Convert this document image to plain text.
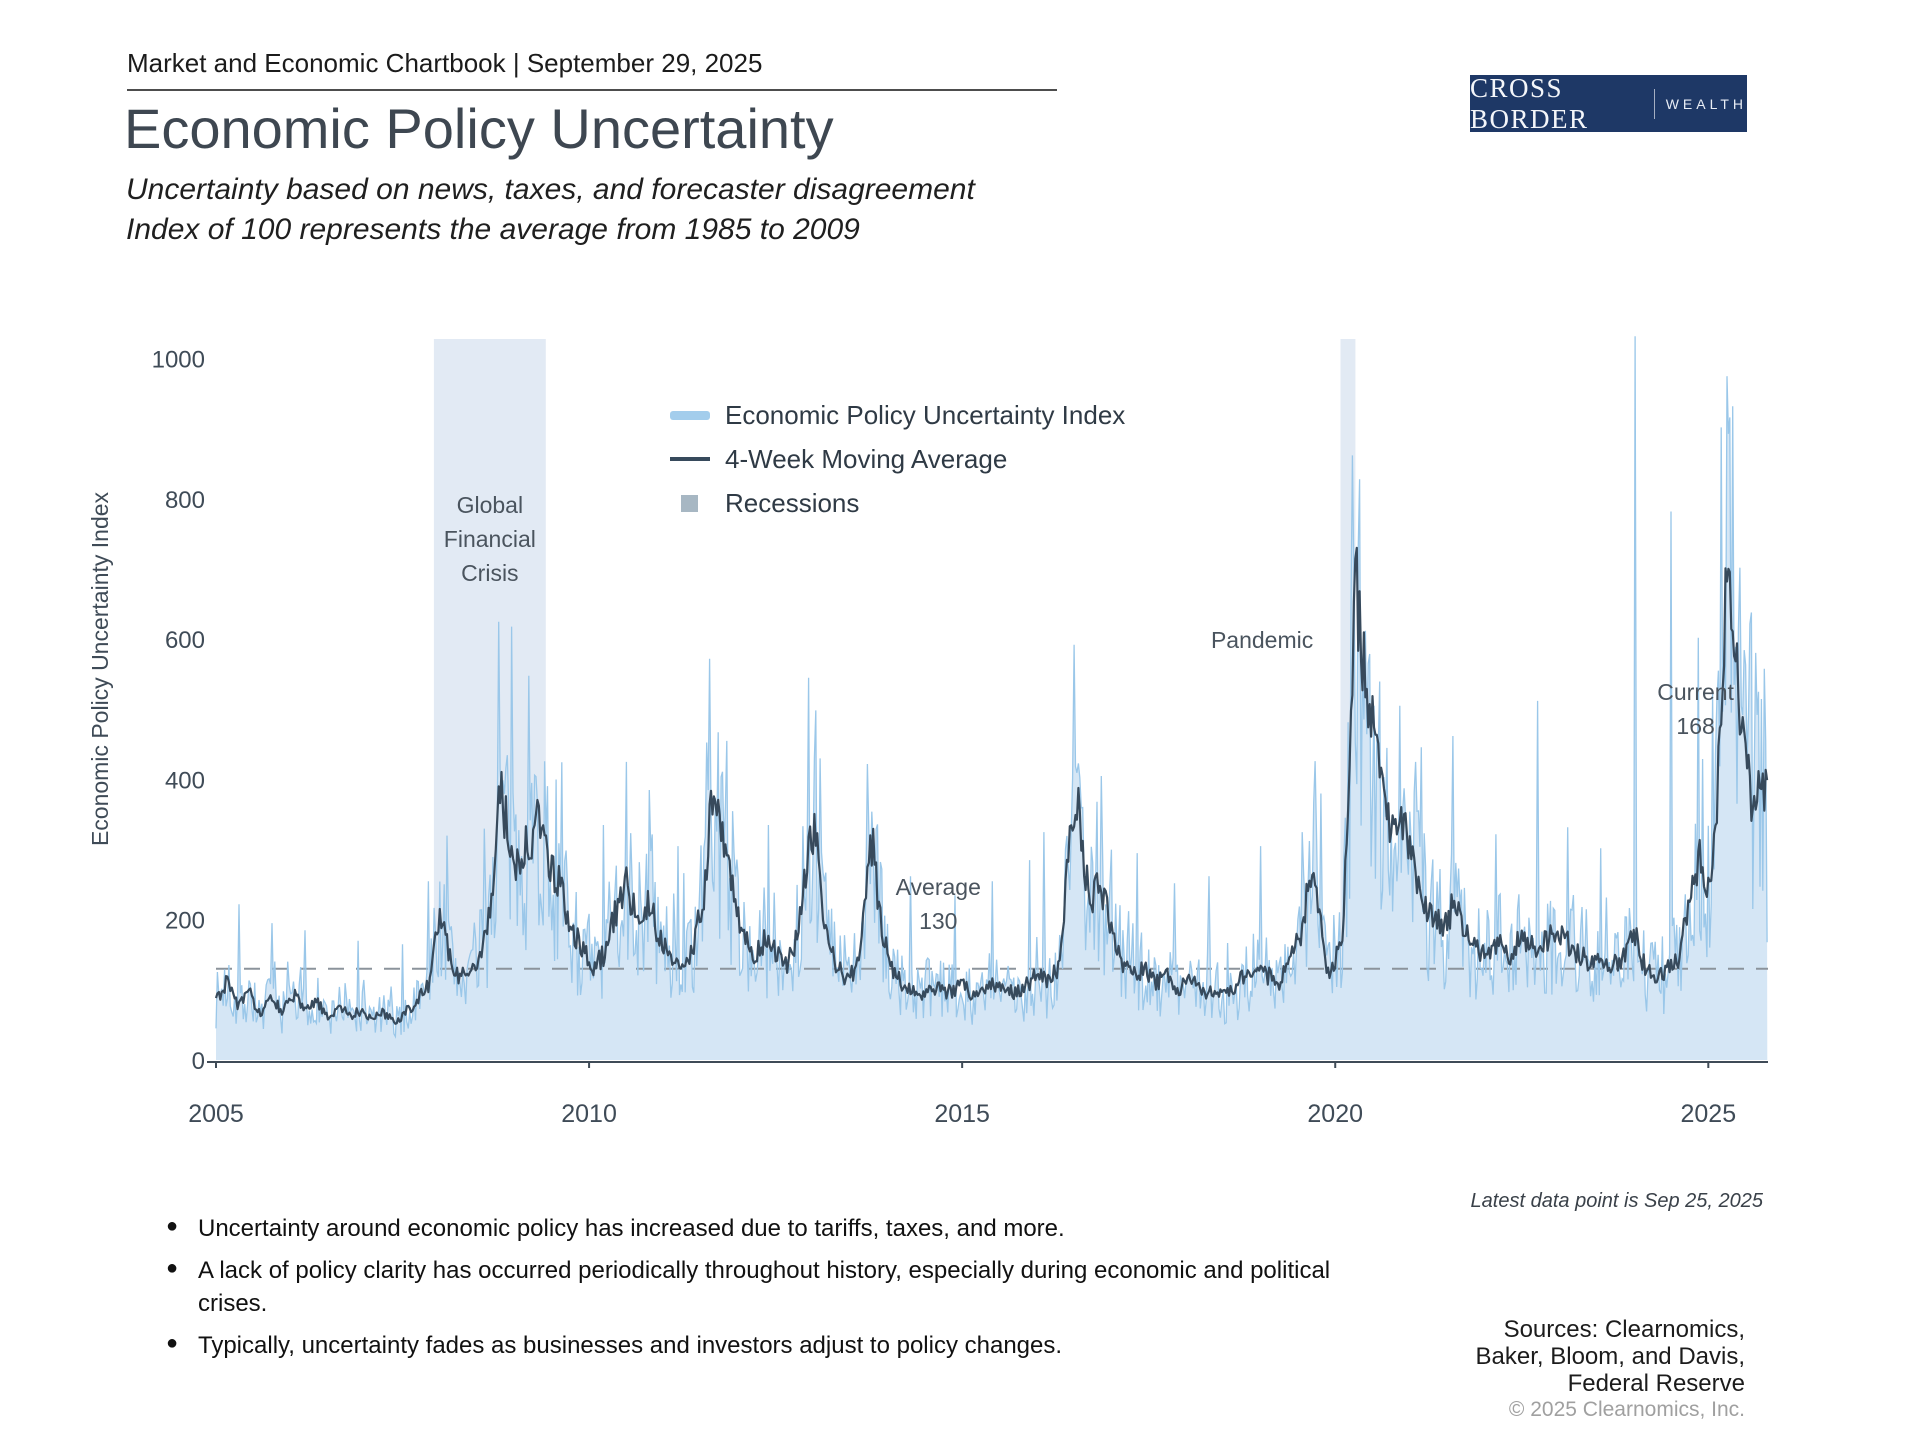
Market and Economic Chartbook | September 29, 2025
CROSS BORDER	WEALTH
Economic Policy Uncertainty
Uncertainty based on news, taxes, and forecaster disagreement
Index of 100 represents the average from 1985 to 2009
2005	2010	2015	2020	2025
0
200
400
600
800
1000
Economic Policy Uncertainty Index
Economic Policy Uncertainty Index
4-Week Moving Average
Recessions
Global
Financial
Crisis
Pandemic
Average
130
Current
168
Latest data point is Sep 25, 2025
● Uncertainty around economic policy has increased due to tariffs, taxes, and more.
● A lack of policy clarity has occurred periodically throughout history, especially during economic and political crises.
● Typically, uncertainty fades as businesses and investors adjust to policy changes.
Sources: Clearnomics,
Baker, Bloom, and Davis,
Federal Reserve
© 2025 Clearnomics, Inc.
